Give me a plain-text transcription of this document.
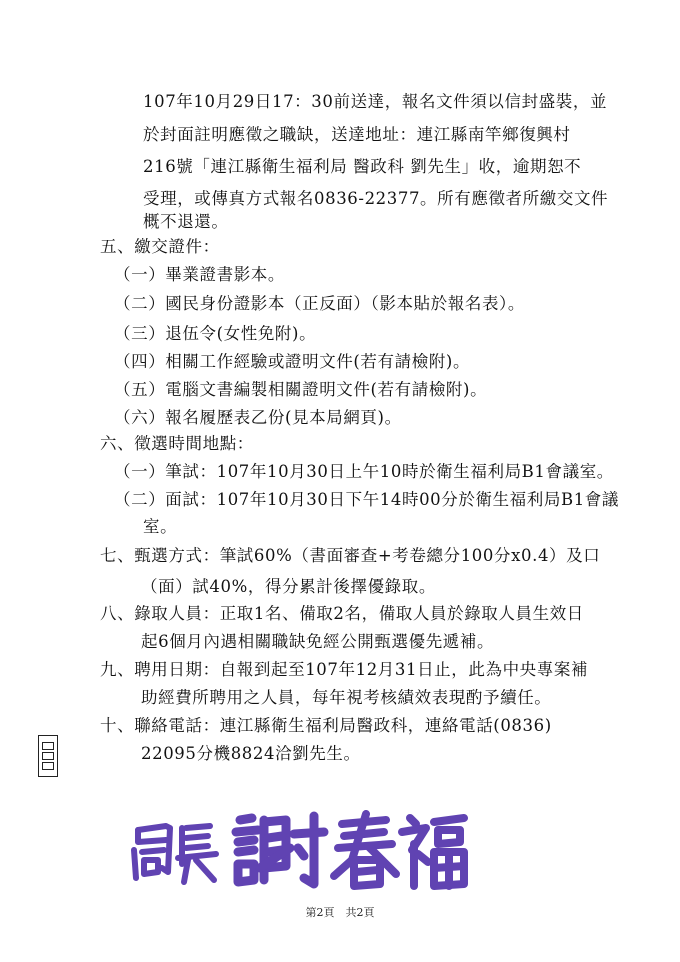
107年10月29日17：30前送達，報名文件須以信封盛裝，並
於封面註明應徵之職缺，送達地址：連江縣南竿鄉復興村
216號「連江縣衛生福利局 醫政科 劉先生」收，逾期恕不
受理，或傳真方式報名0836-22377。所有應徵者所繳交文件
概不退還。
五、繳交證件：
（一）畢業證書影本。
（二）國民身份證影本（正反面）（影本貼於報名表）。
（三）退伍令(女性免附)。
（四）相關工作經驗或證明文件(若有請檢附)。
（五）電腦文書編製相關證明文件(若有請檢附)。
（六）報名履歷表乙份(見本局網頁)。
六、徵選時間地點：
（一）筆試：107年10月30日上午10時於衛生福利局B1會議室。
（二）面試：107年10月30日下午14時00分於衛生福利局B1會議
室。
七、甄選方式：筆試60%（書面審查+考卷總分100分x0.4）及口
（面）試40%，得分累計後擇優錄取。
八、錄取人員：正取1名、備取2名，備取人員於錄取人員生效日
起6個月內遇相關職缺免經公開甄選優先遞補。
九、聘用日期：自報到起至107年12月31日止，此為中央專案補
助經費所聘用之人員，每年視考核績效表現酌予續任。
十、聯絡電話：連江縣衛生福利局醫政科，連絡電話(0836)
22095分機8824洽劉先生。
第2頁　共2頁
